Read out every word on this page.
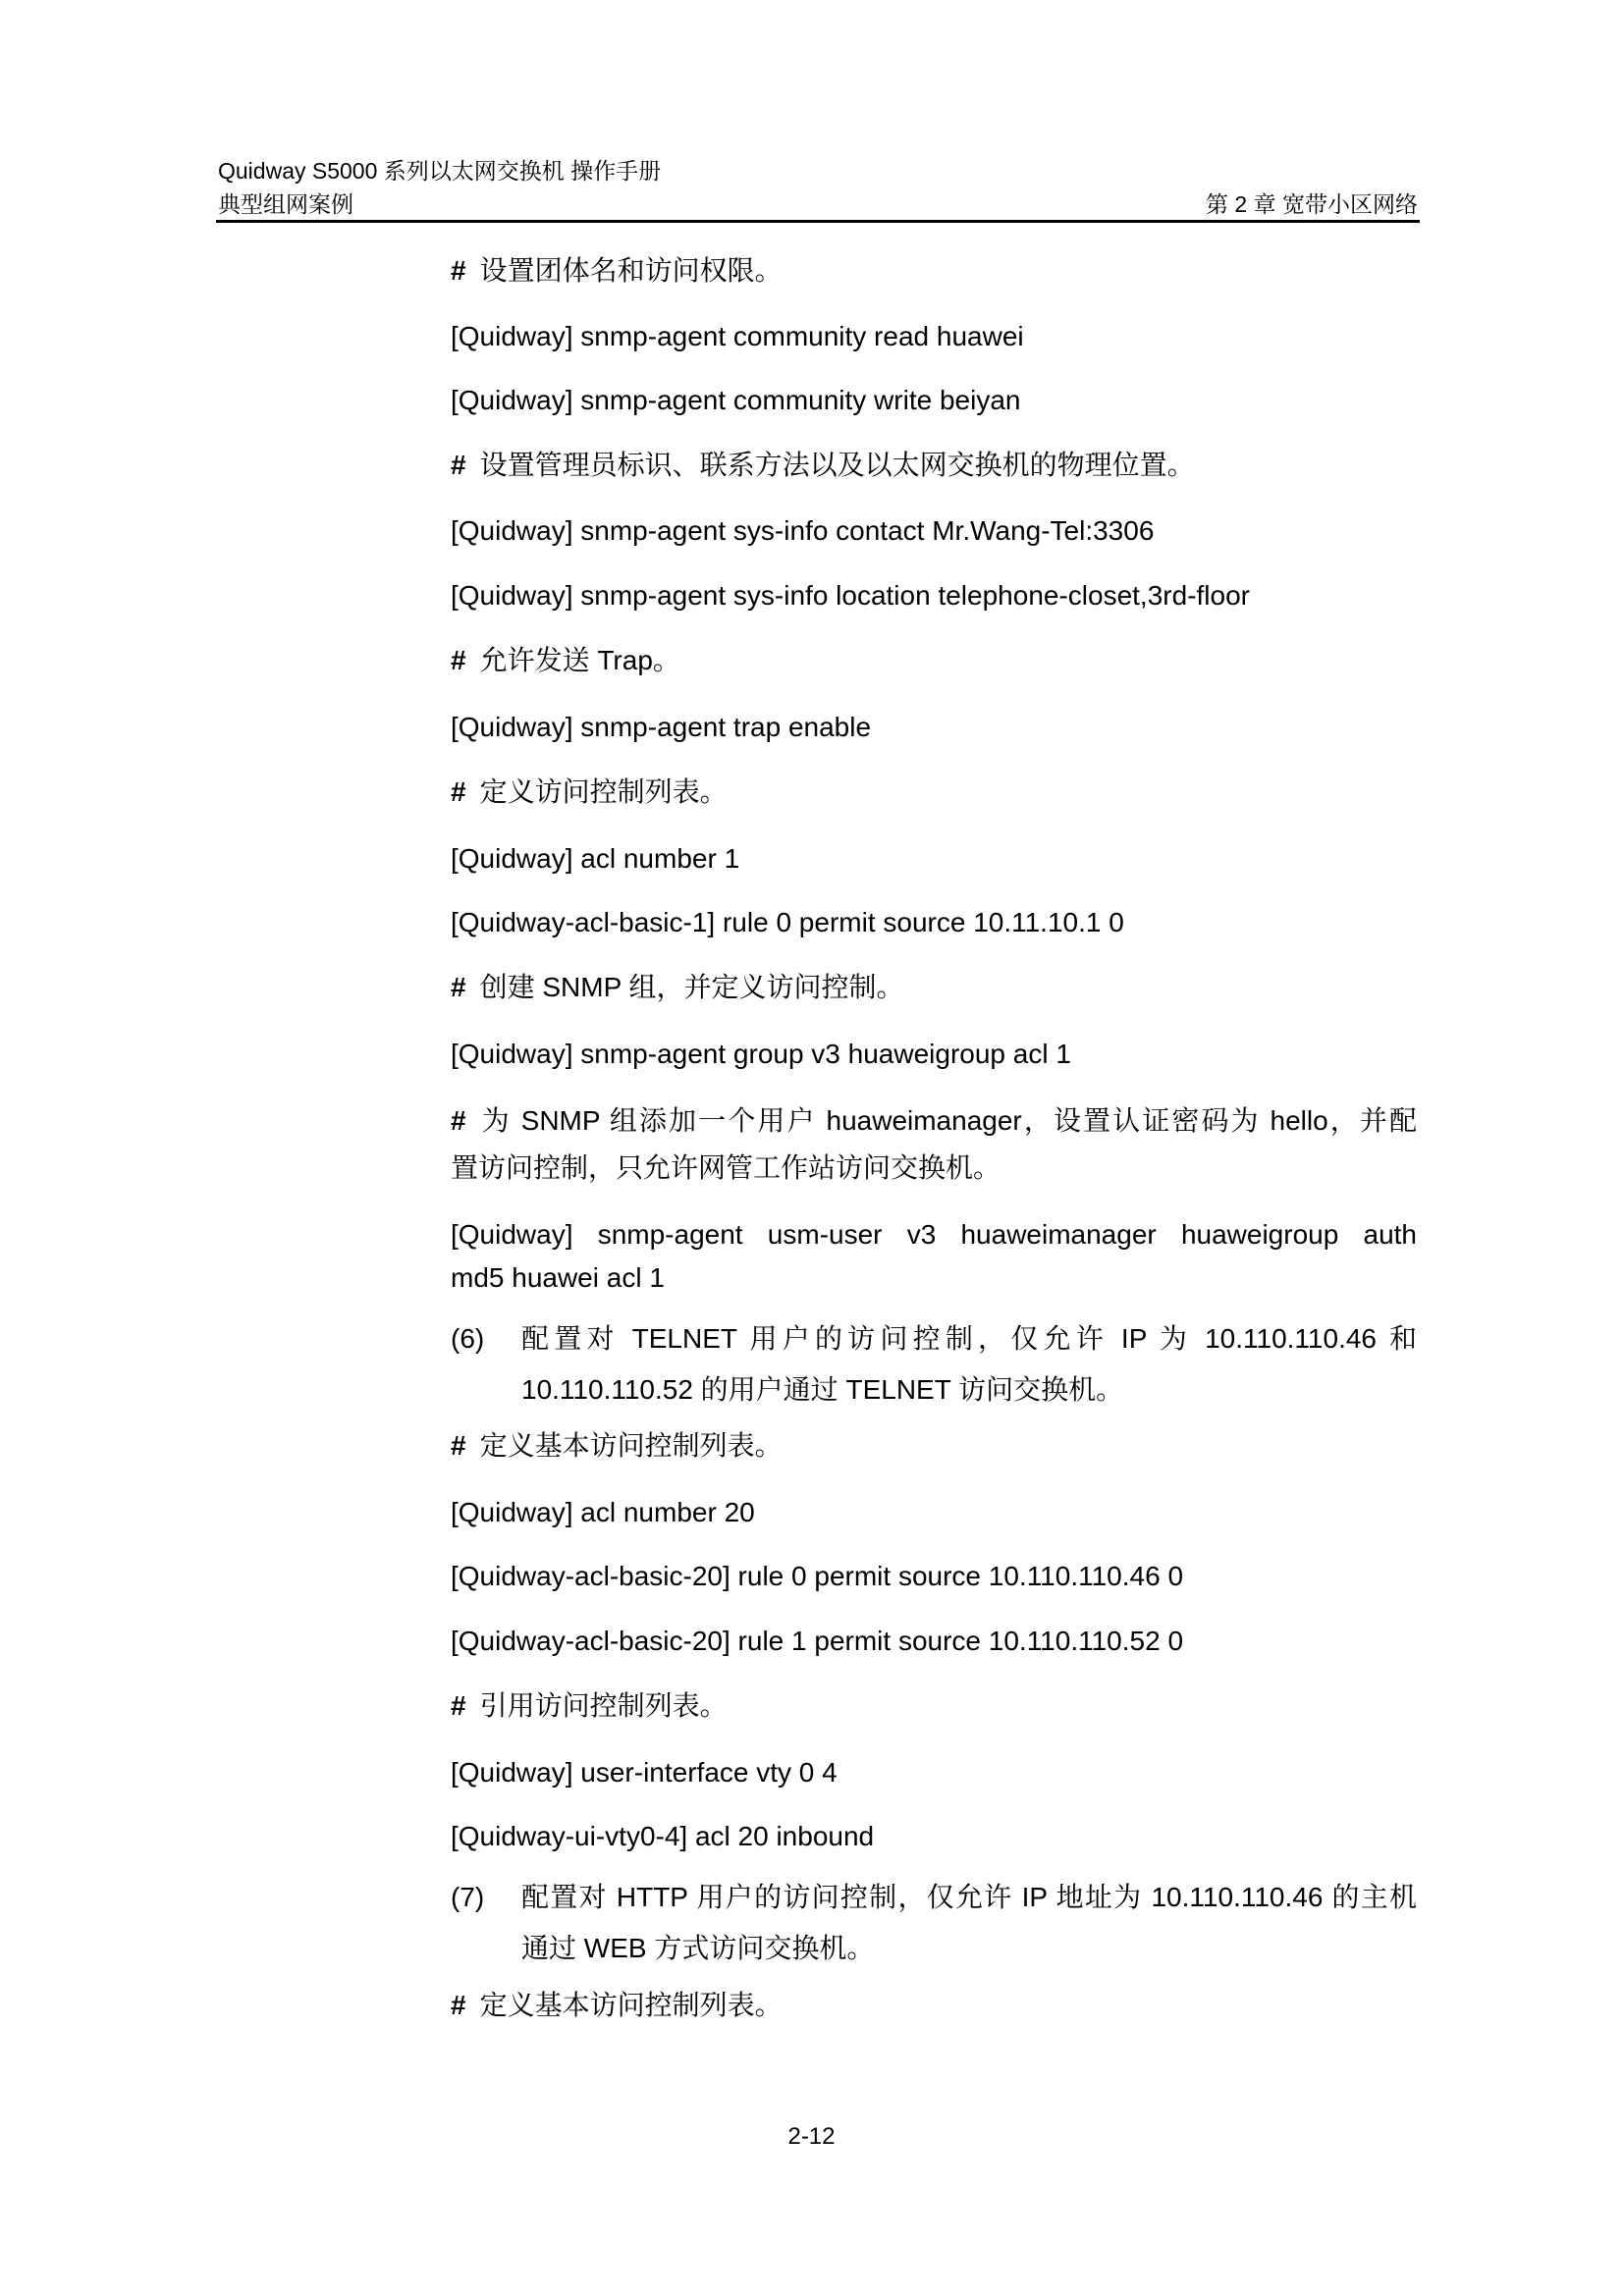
Quidway S5000 系列以太网交换机 操作手册
典型组网案例	第 2 章 宽带小区网络
# 设置团体名和访问权限。
[Quidway] snmp-agent community read huawei
[Quidway] snmp-agent community write beiyan
# 设置管理员标识、联系方法以及以太网交换机的物理位置。
[Quidway] snmp-agent sys-info contact Mr.Wang-Tel:3306
[Quidway] snmp-agent sys-info location telephone-closet,3rd-floor
# 允许发送 Trap。
[Quidway] snmp-agent trap enable
# 定义访问控制列表。
[Quidway] acl number 1
[Quidway-acl-basic-1] rule 0 permit source 10.11.10.1 0
# 创建 SNMP 组，并定义访问控制。
[Quidway] snmp-agent group v3 huaweigroup acl 1
# 为 SNMP 组添加一个用户 huaweimanager，设置认证密码为 hello，并配
置访问控制，只允许网管工作站访问交换机。
[Quidway] snmp-agent usm-user v3 huaweimanager huaweigroup auth
md5 huawei acl 1
(6) 配置对 TELNET 用户的访问控制，仅允许 IP 为 10.110.110.46 和
10.110.110.52 的用户通过 TELNET 访问交换机。
# 定义基本访问控制列表。
[Quidway] acl number 20
[Quidway-acl-basic-20] rule 0 permit source 10.110.110.46 0
[Quidway-acl-basic-20] rule 1 permit source 10.110.110.52 0
# 引用访问控制列表。
[Quidway] user-interface vty 0 4
[Quidway-ui-vty0-4] acl 20 inbound
(7) 配置对 HTTP 用户的访问控制，仅允许 IP 地址为 10.110.110.46 的主机
通过 WEB 方式访问交换机。
# 定义基本访问控制列表。
2-12
